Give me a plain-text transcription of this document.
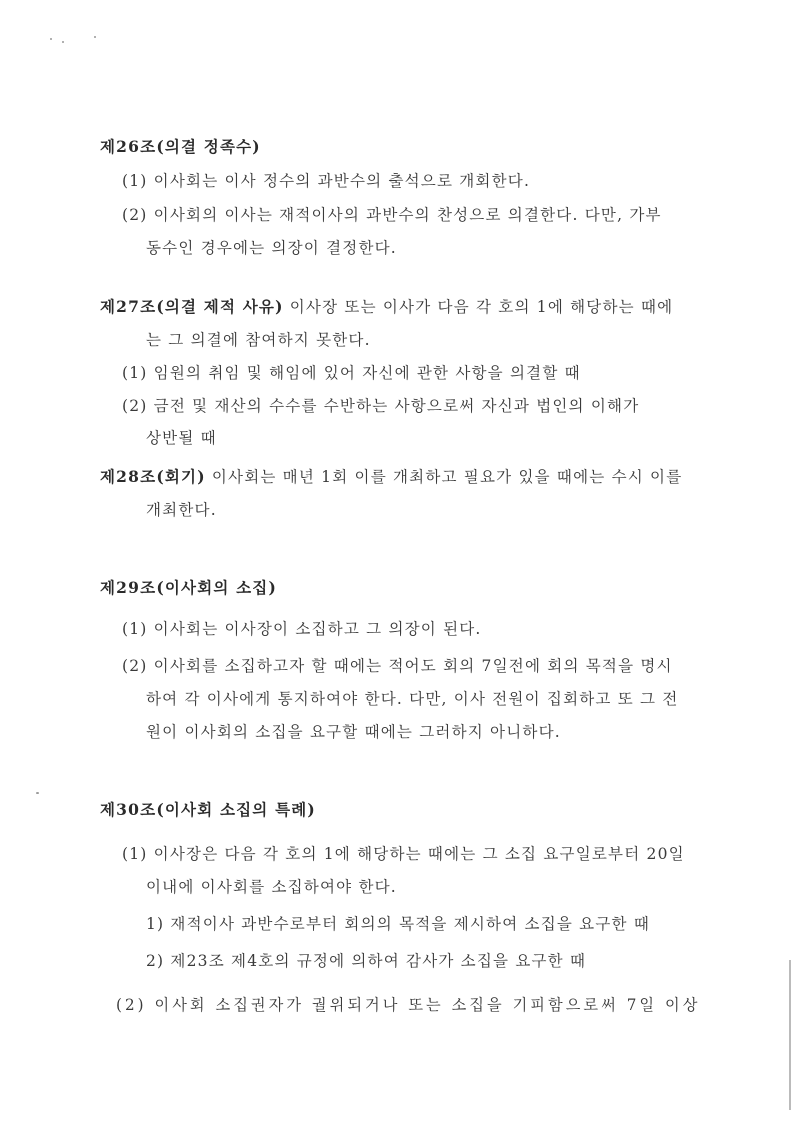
제26조(의결 정족수)
(1) 이사회는 이사 정수의 과반수의 출석으로 개회한다.
(2) 이사회의 이사는 재적이사의 과반수의 찬성으로 의결한다. 다만, 가부
동수인 경우에는 의장이 결정한다.
제27조(의결 제적 사유) 이사장 또는 이사가 다음 각 호의 1에 해당하는 때에
는 그 의결에 참여하지 못한다.
(1) 임원의 취임 및 해임에 있어 자신에 관한 사항을 의결할 때
(2) 금전 및 재산의 수수를 수반하는 사항으로써 자신과 법인의 이해가
상반될 때
제28조(회기) 이사회는 매년 1회 이를 개최하고 필요가 있을 때에는 수시 이를
개최한다.
제29조(이사회의 소집)
(1) 이사회는 이사장이 소집하고 그 의장이 된다.
(2) 이사회를 소집하고자 할 때에는 적어도 회의 7일전에 회의 목적을 명시
하여 각 이사에게 통지하여야 한다. 다만, 이사 전원이 집회하고 또 그 전
원이 이사회의 소집을 요구할 때에는 그러하지 아니하다.
제30조(이사회 소집의 특례)
(1) 이사장은 다음 각 호의 1에 해당하는 때에는 그 소집 요구일로부터 20일
이내에 이사회를 소집하여야 한다.
1) 재적이사 과반수로부터 회의의 목적을 제시하여 소집을 요구한 때
2) 제23조 제4호의 규정에 의하여 감사가 소집을 요구한 때
(2) 이사회 소집권자가 궐위되거나 또는 소집을 기피함으로써 7일 이상
